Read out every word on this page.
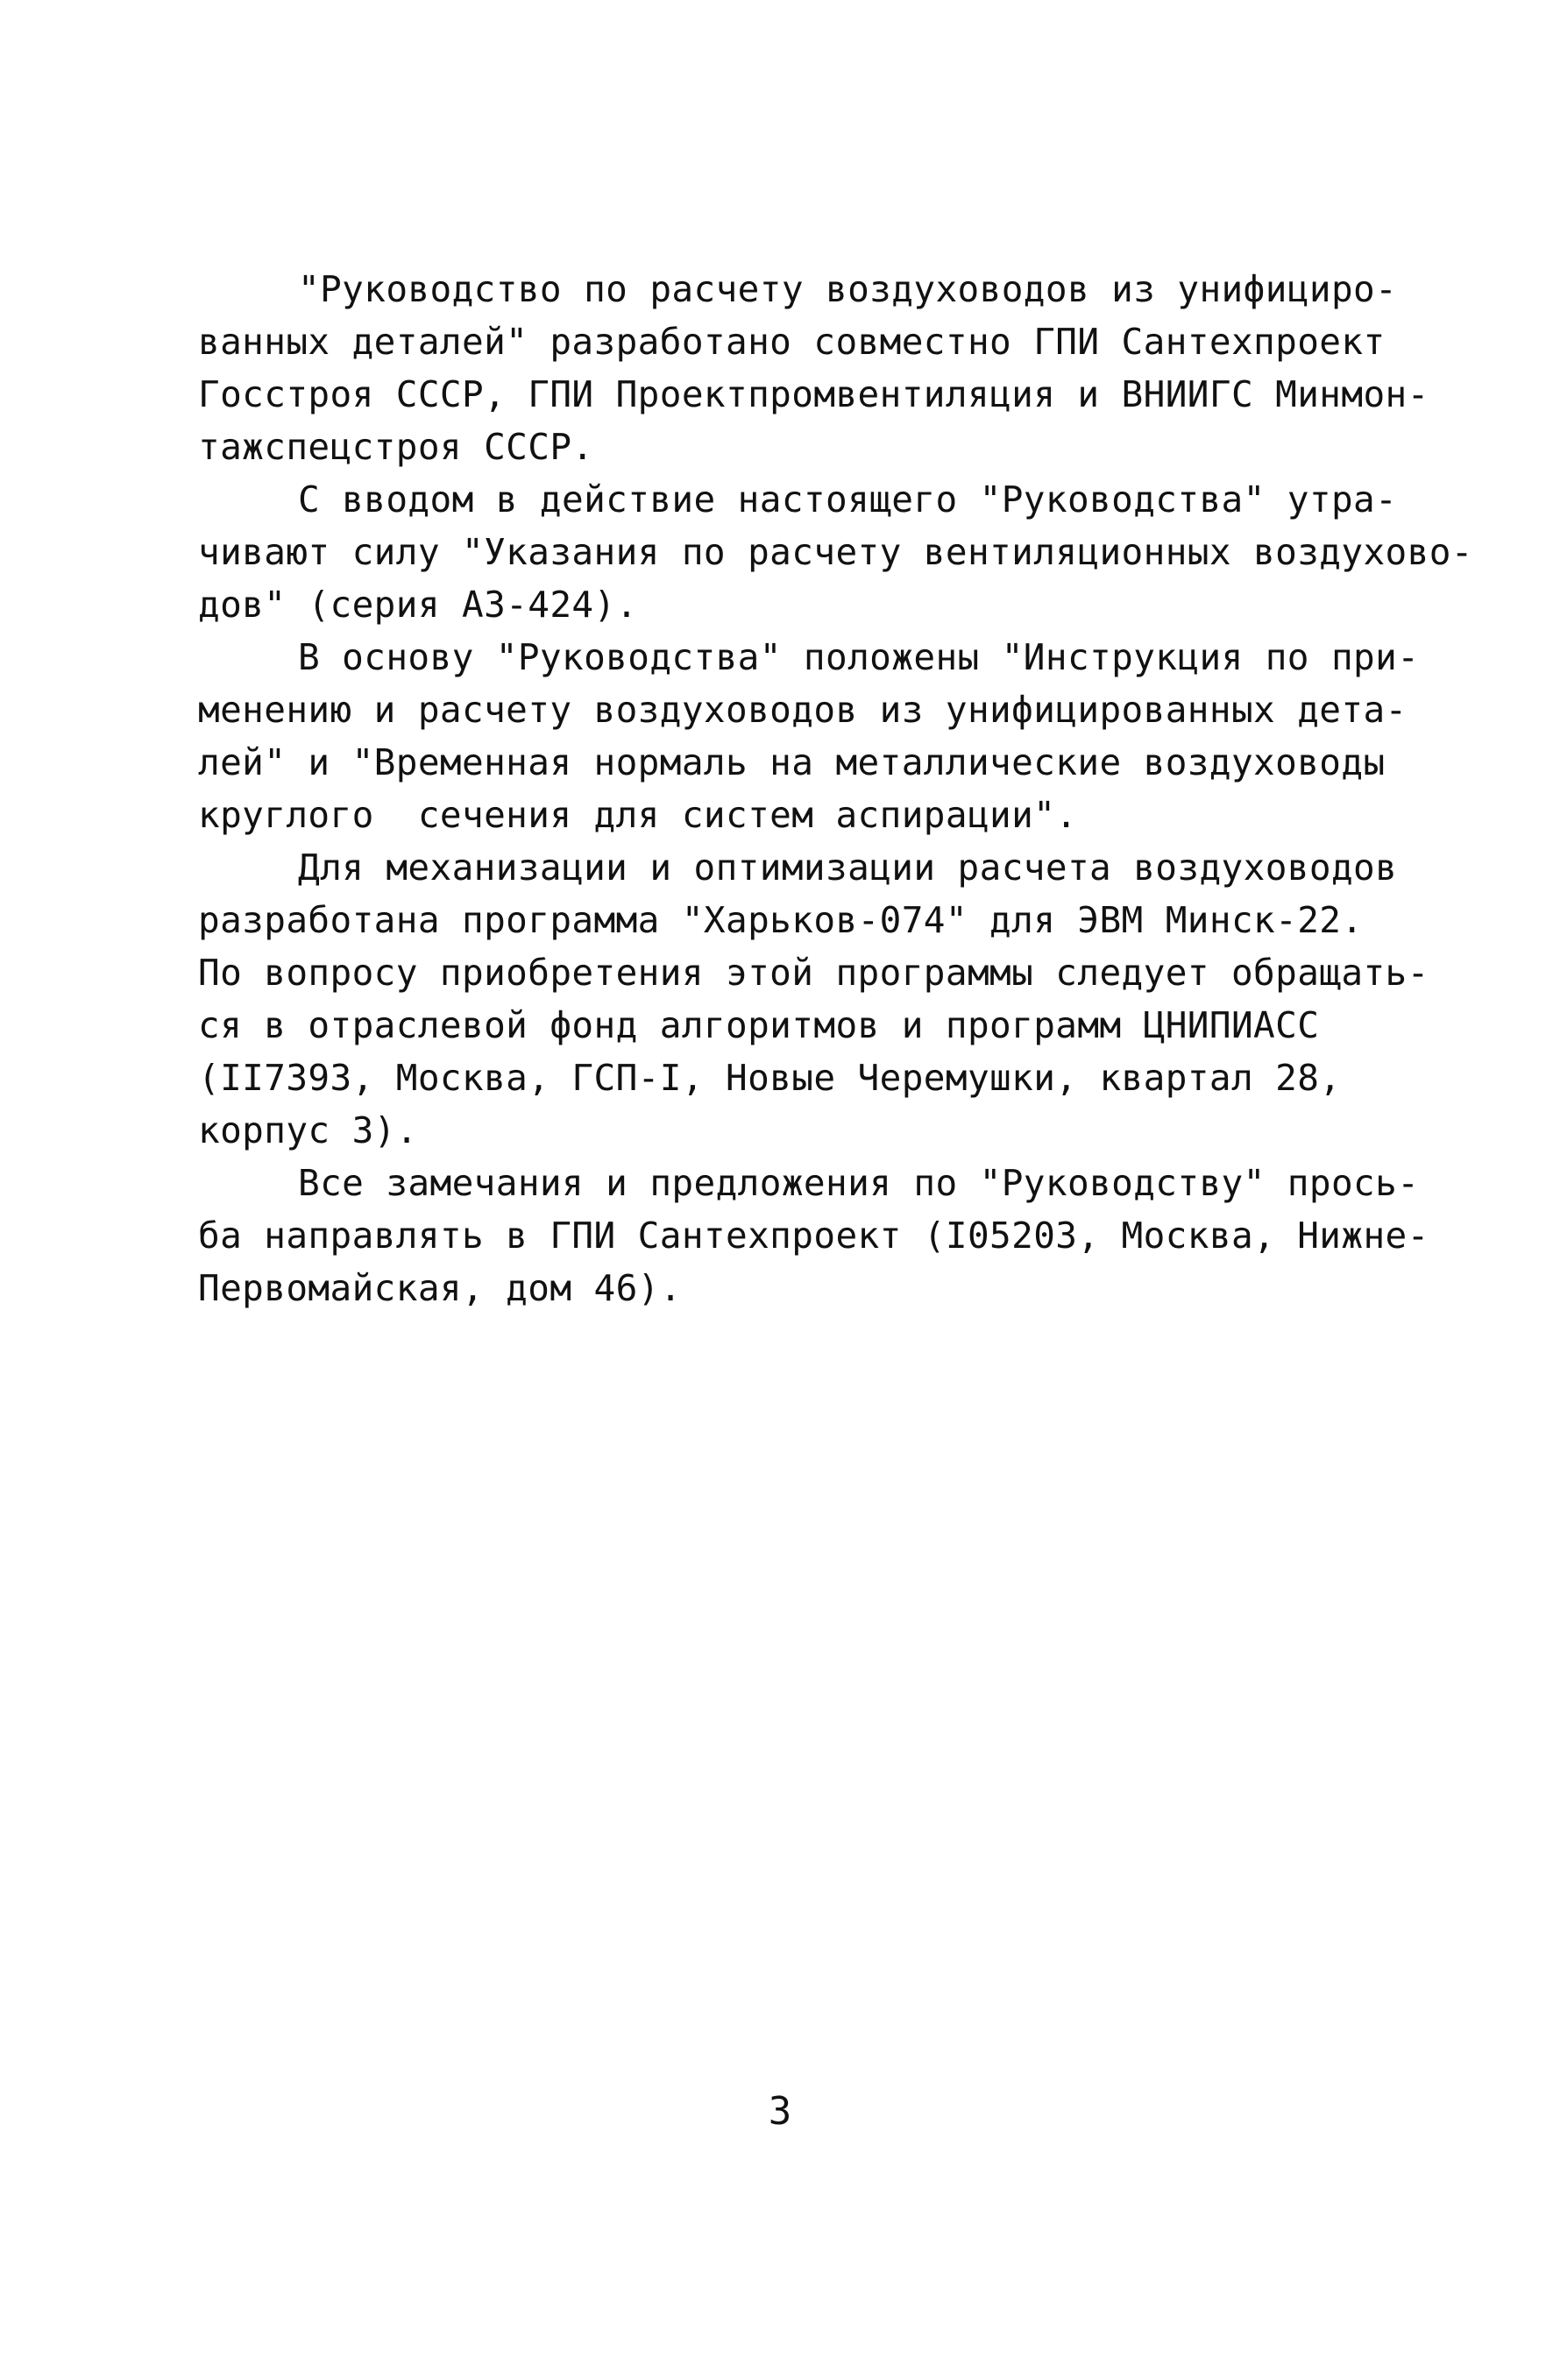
"Руководство по расчету воздуховодов из унифициро-
ванных деталей" разработано совместно ГПИ Сантехпроект
Госстроя СССР, ГПИ Проектпромвентиляция и ВНИИГС Минмон-
тажспецстроя СССР.
С вводом в действие настоящего "Руководства" утра-
чивают силу "Указания по расчету вентиляционных воздухово-
дов" (серия АЗ-424).
В основу "Руководства" положены "Инструкция по при-
менению и расчету воздуховодов из унифицированных дета-
лей" и "Временная нормаль на металлические воздуховоды
круглого  сечения для систем аспирации".
Для механизации и оптимизации расчета воздуховодов
разработана программа "Харьков-074" для ЭВМ Минск-22.
По вопросу приобретения этой программы следует обращать-
ся в отраслевой фонд алгоритмов и программ ЦНИПИАСС
(II7393, Москва, ГСП-I, Новые Черемушки, квартал 28,
корпус 3).
Все замечания и предложения по "Руководству" прось-
ба направлять в ГПИ Сантехпроект (I05203, Москва, Нижне-
Первомайская, дом 46).
3
